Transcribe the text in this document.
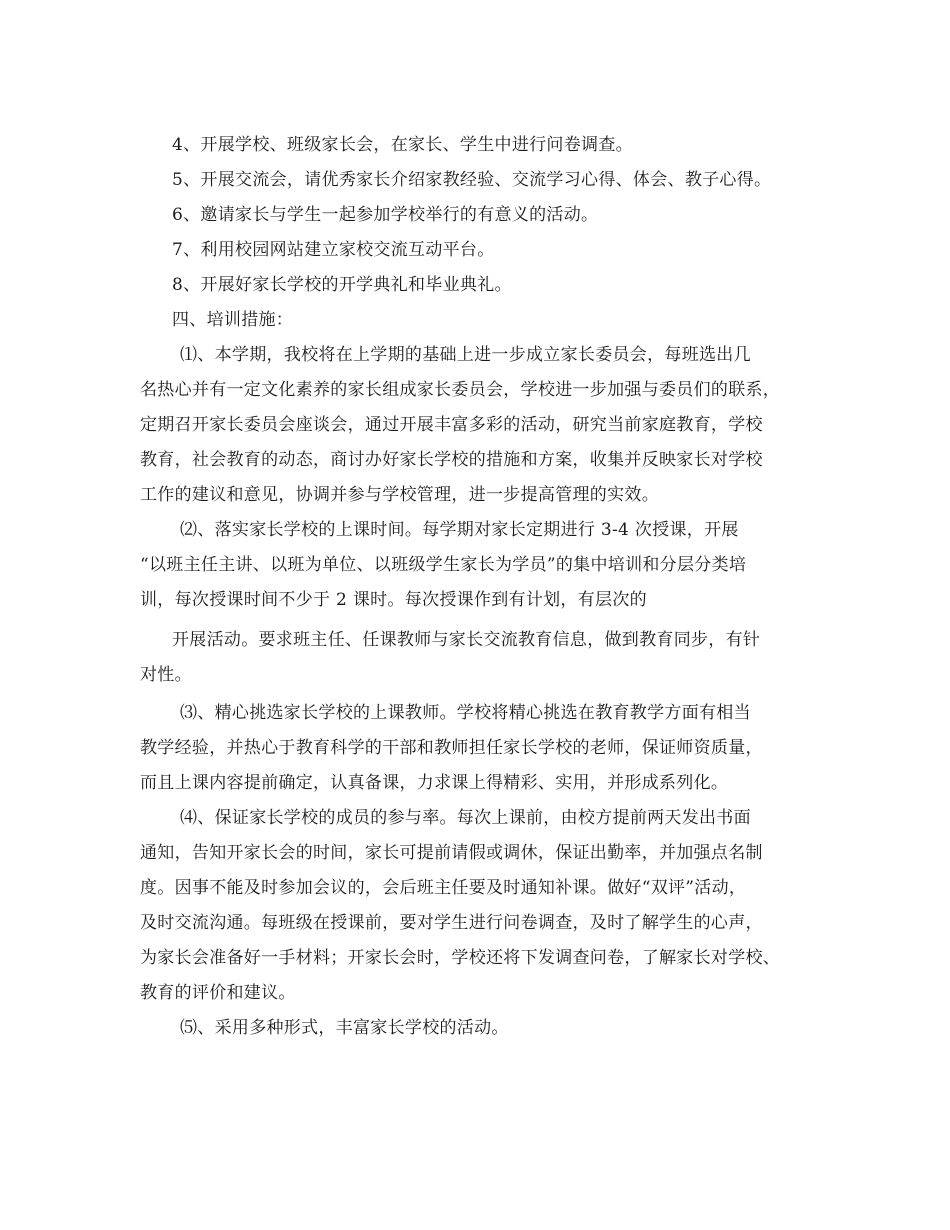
4、开展学校、班级家长会，在家长、学生中进行问卷调查。
5、开展交流会，请优秀家长介绍家教经验、交流学习心得、体会、教子心得。
6、邀请家长与学生一起参加学校举行的有意义的活动。
7、利用校园网站建立家校交流互动平台。
8、开展好家长学校的开学典礼和毕业典礼。
四、培训措施：
⑴、本学期，我校将在上学期的基础上进一步成立家长委员会，每班选出几
名热心并有一定文化素养的家长组成家长委员会，学校进一步加强与委员们的联系，
定期召开家长委员会座谈会，通过开展丰富多彩的活动，研究当前家庭教育，学校
教育，社会教育的动态，商讨办好家长学校的措施和方案，收集并反映家长对学校
工作的建议和意见，协调并参与学校管理，进一步提高管理的实效。
⑵、落实家长学校的上课时间。每学期对家长定期进行 3-4 次授课，开展
“以班主任主讲、以班为单位、以班级学生家长为学员”的集中培训和分层分类培
训，每次授课时间不少于 2 课时。每次授课作到有计划，有层次的
开展活动。要求班主任、任课教师与家长交流教育信息，做到教育同步，有针
对性。
⑶、精心挑选家长学校的上课教师。学校将精心挑选在教育教学方面有相当
教学经验，并热心于教育科学的干部和教师担任家长学校的老师，保证师资质量，
而且上课内容提前确定，认真备课，力求课上得精彩、实用，并形成系列化。
⑷、保证家长学校的成员的参与率。每次上课前，由校方提前两天发出书面
通知，告知开家长会的时间，家长可提前请假或调休，保证出勤率，并加强点名制
度。因事不能及时参加会议的，会后班主任要及时通知补课。做好“双评”活动，
及时交流沟通。每班级在授课前，要对学生进行问卷调查，及时了解学生的心声，
为家长会准备好一手材料；开家长会时，学校还将下发调查问卷，了解家长对学校、
教育的评价和建议。
⑸、采用多种形式，丰富家长学校的活动。
